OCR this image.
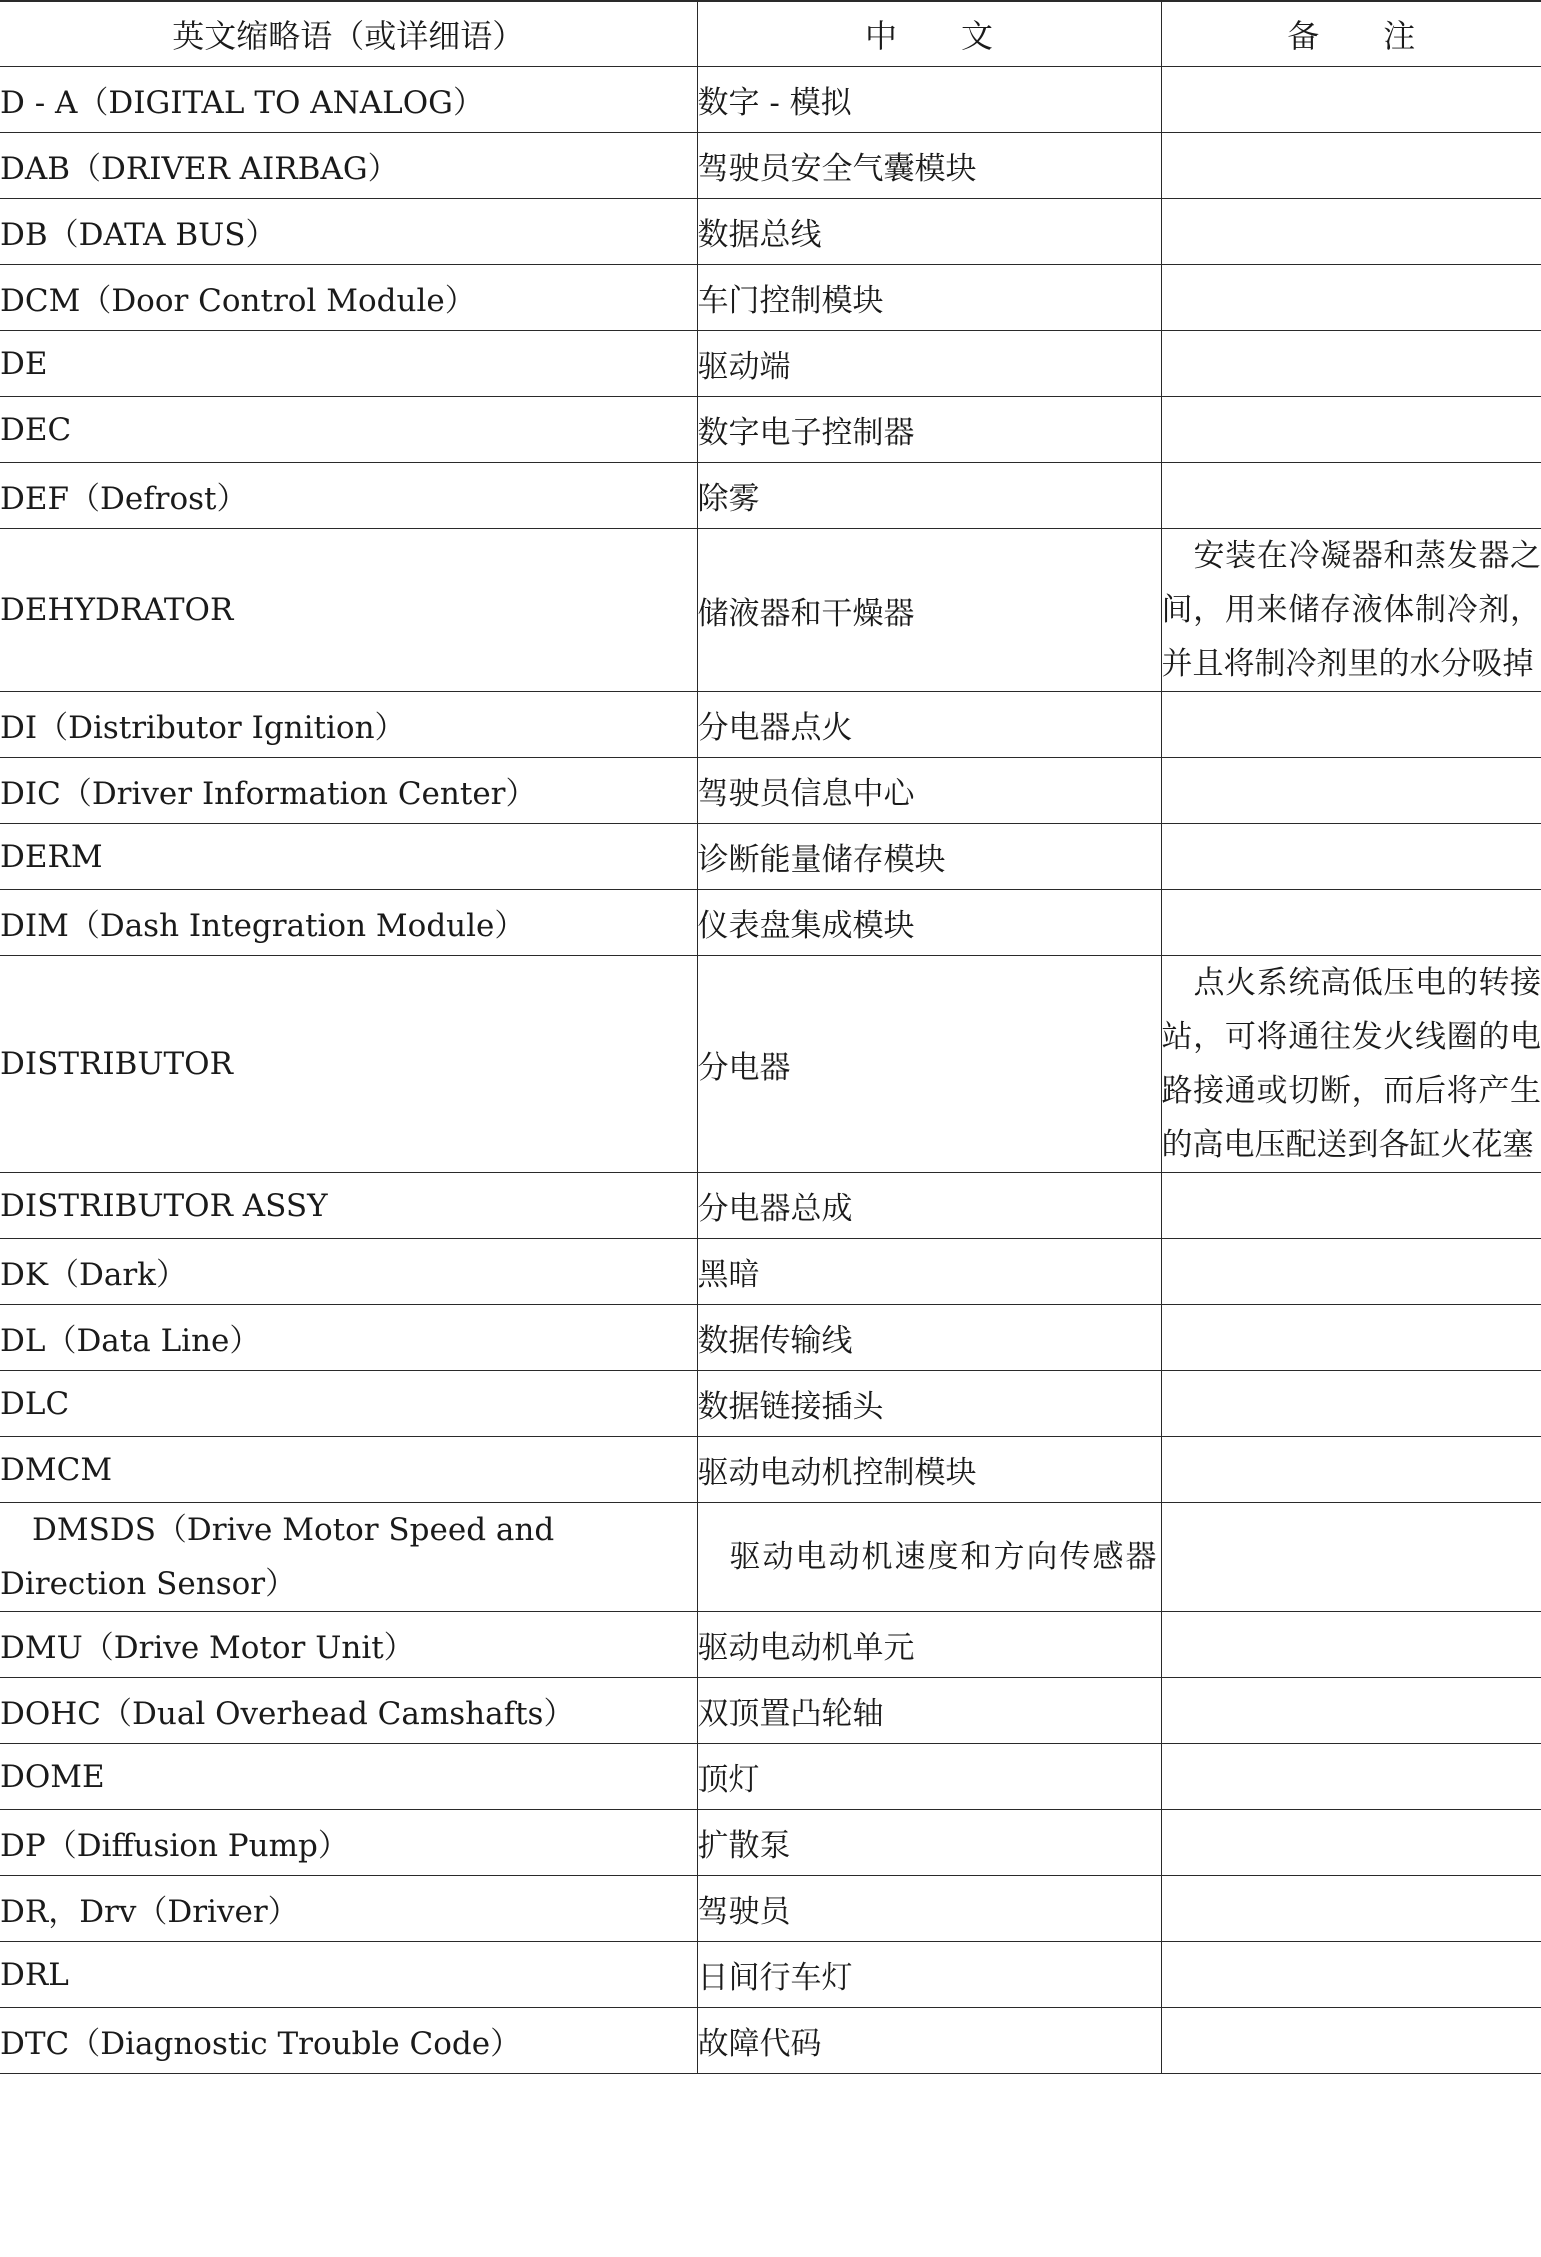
英文缩略语（或详细语）	中　　文	备　　注
D - A（DIGITAL TO ANALOG）	数字 - 模拟	
DAB（DRIVER AIRBAG）	驾驶员安全气囊模块	
DB（DATA BUS）	数据总线	
DCM（Door Control Module）	车门控制模块	
DE	驱动端	
DEC	数字电子控制器	
DEF（Defrost）	除雾	
DEHYDRATOR	储液器和干燥器	安装在冷凝器和蒸发器之间，用来储存液体制冷剂，并且将制冷剂里的水分吸掉

DI（Distributor Ignition）	分电器点火	
DIC（Driver Information Center）	驾驶员信息中心	
DERM	诊断能量储存模块	
DIM（Dash Integration Module）	仪表盘集成模块	
DISTRIBUTOR	分电器	点火系统高低压电的转接站，可将通往发火线圈的电路接通或切断，而后将产生的高电压配送到各缸火花塞

DISTRIBUTOR ASSY	分电器总成	
DK（Dark）	黑暗	
DL（Data Line）	数据传输线	
DLC	数据链接插头	
DMCM	驱动电动机控制模块	

DMSDS（Drive Motor Speed and Direction Sensor）	驱动电动机速度和方向传感器	

DMU（Drive Motor Unit）	驱动电动机单元	
DOHC（Dual Overhead Camshafts）	双顶置凸轮轴	
DOME	顶灯	
DP（Diffusion Pump）	扩散泵	
DR，Drv（Driver）	驾驶员	
DRL	日间行车灯	
DTC（Diagnostic Trouble Code）	故障代码	
